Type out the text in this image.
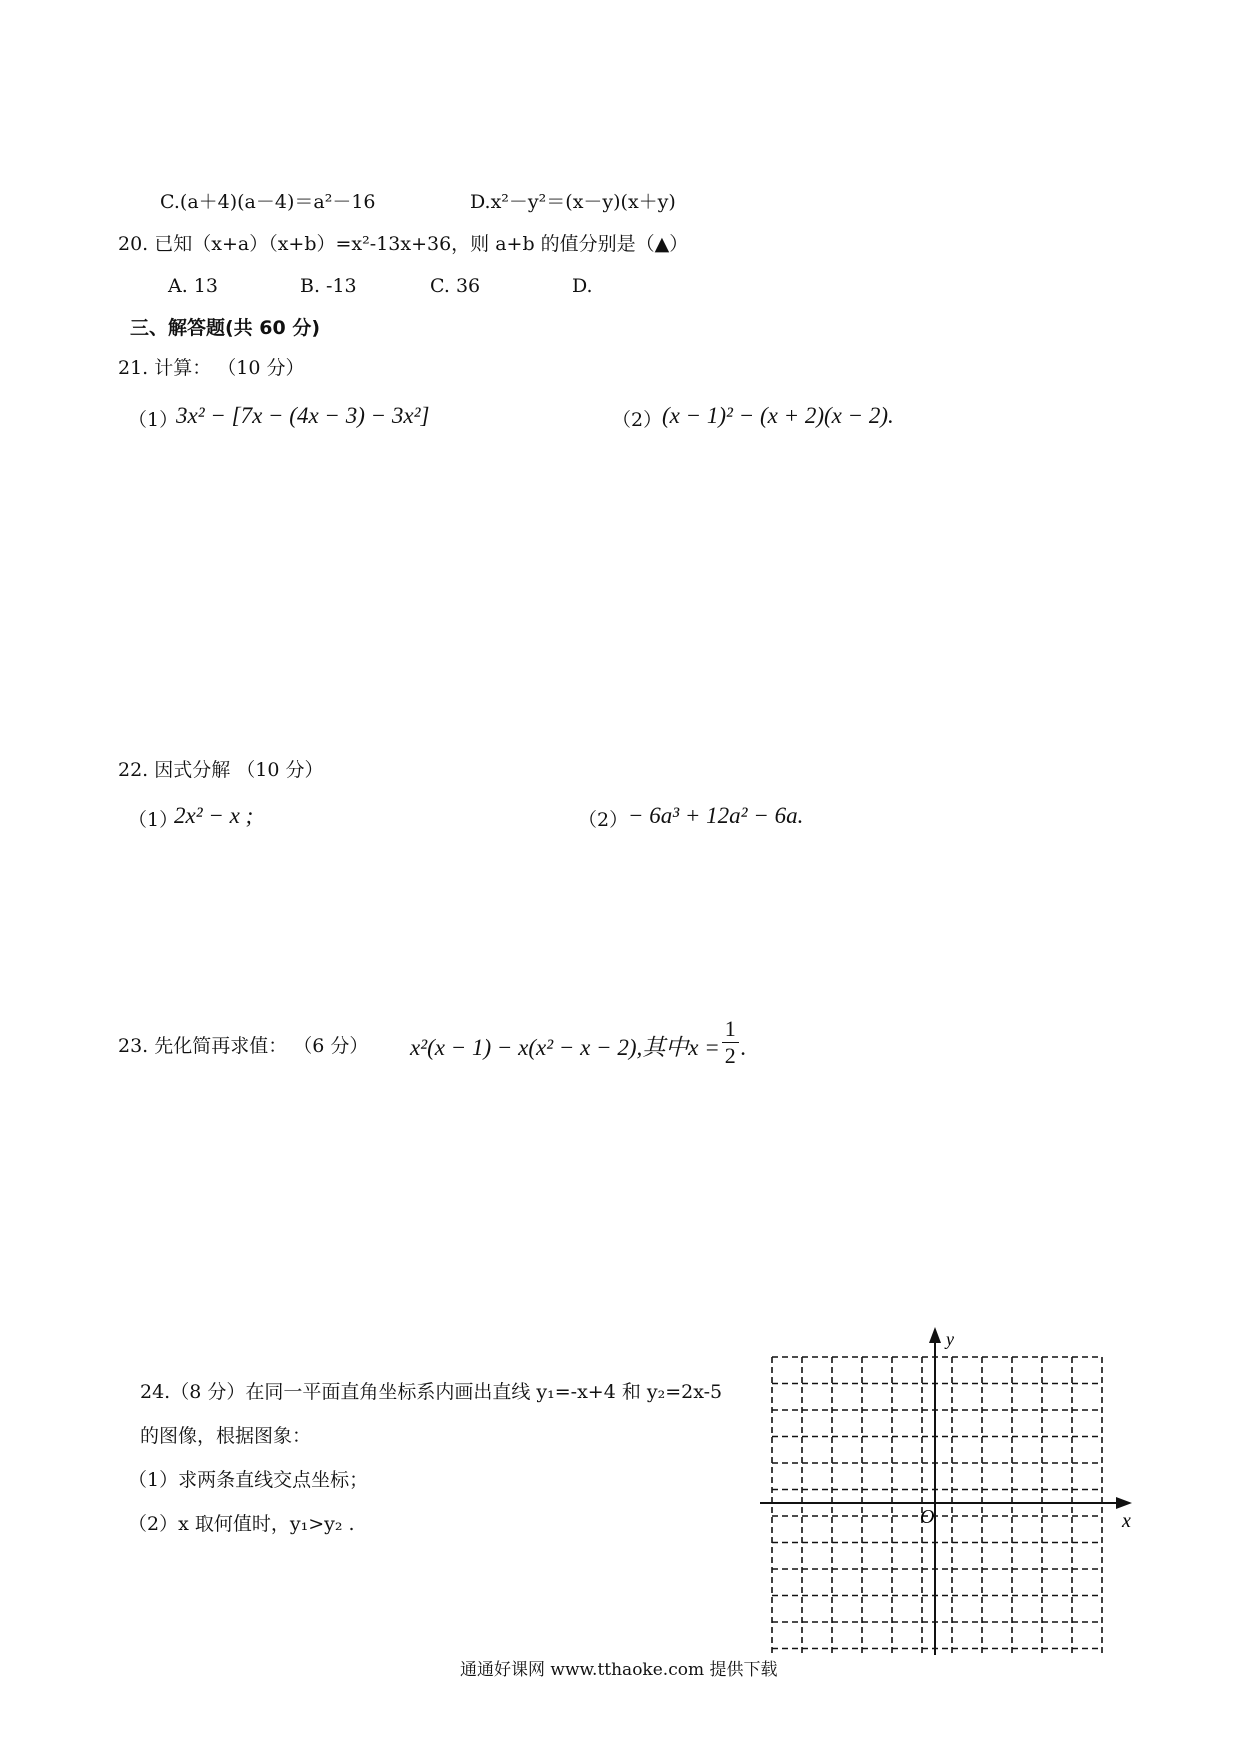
C.(a＋4)(a－4)＝a²－16	D.x²－y²＝(x－y)(x＋y)
20. 已知（x+a）（x+b）=x²-13x+36，则 a+b 的值分别是（▲）
A. 13	B. -13	C. 36	D.
三、解答题(共 60 分)
21. 计算： （10 分）
（1）
3x² − [7x − (4x − 3) − 3x²]	（2） (x − 1)² − (x + 2)(x − 2).
22. 因式分解 （10 分）
（1）
2x² − x ;	（2） − 6a³ + 12a² − 6a.
23. 先化简再求值： （6 分） x²(x − 1) − x(x² − x − 2),其中$x = \frac{1}{2}$ .
24.（8 分）在同一平面直角坐标系内画出直线 y₁=-x+4 和 y₂=2x-5
的图像，根据图象：
（1）求两条直线交点坐标；
（2）x 取何值时，y₁>y₂ .	x
y
O
通通好课网 www.tthaoke.com 提供下载
